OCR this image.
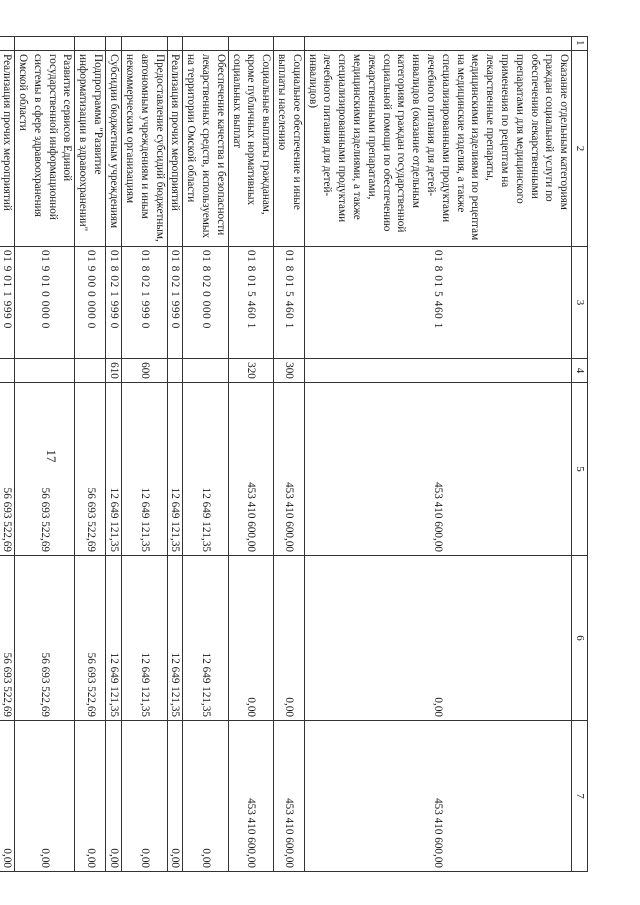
17
1	2	3	4	5	6	7
	Оказание отдельным категориям граждан социальной услуги по обеспечению лекарственными препаратами для медицинского применения по рецептам на лекарственные препараты, медицинскими изделиями по рецептам на медицинские изделия, а также специализированными продуктами лечебного питания для детей-инвалидов (оказание отдельным категориям граждан государственной социальной помощи по обеспечению лекарственными препаратами, медицинскими изделиями, а также специализированными продуктами лечебного питания для детей-инвалидов)	01 8 01 5 460 1		453 410 600,00	0,00	453 410 600,00
	Социальное обеспечение и иные выплаты населению	01 8 01 5 460 1	300	453 410 600,00	0,00	453 410 600,00
	Социальные выплаты гражданам, кроме публичных нормативных социальных выплат	01 8 01 5 460 1	320	453 410 600,00	0,00	453 410 600,00
	Обеспечение качества и безопасности лекарственных средств, используемых на территории Омской области	01 8 02 0 000 0		12 649 121,35	12 649 121,35	0,00
	Реализация прочих мероприятий	01 8 02 1 999 0		12 649 121,35	12 649 121,35	0,00
	Предоставление субсидий бюджетным, автономным учреждениям и иным некоммерческим организациям	01 8 02 1 999 0	600	12 649 121,35	12 649 121,35	0,00
	Субсидии бюджетным учреждениям	01 8 02 1 999 0	610	12 649 121,35	12 649 121,35	0,00
	Подпрограмма "Развитие информатизации в здравоохранении"	01 9 00 0 000 0		56 693 522,69	56 693 522,69	0,00
	Развитие сервисов Единой государственной информационной системы в сфере здравоохранения Омской области	01 9 01 0 000 0		56 693 522,69	56 693 522,69	0,00
	Реализация прочих мероприятий	01 9 01 1 999 0		56 693 522,69	56 693 522,69	0,00
